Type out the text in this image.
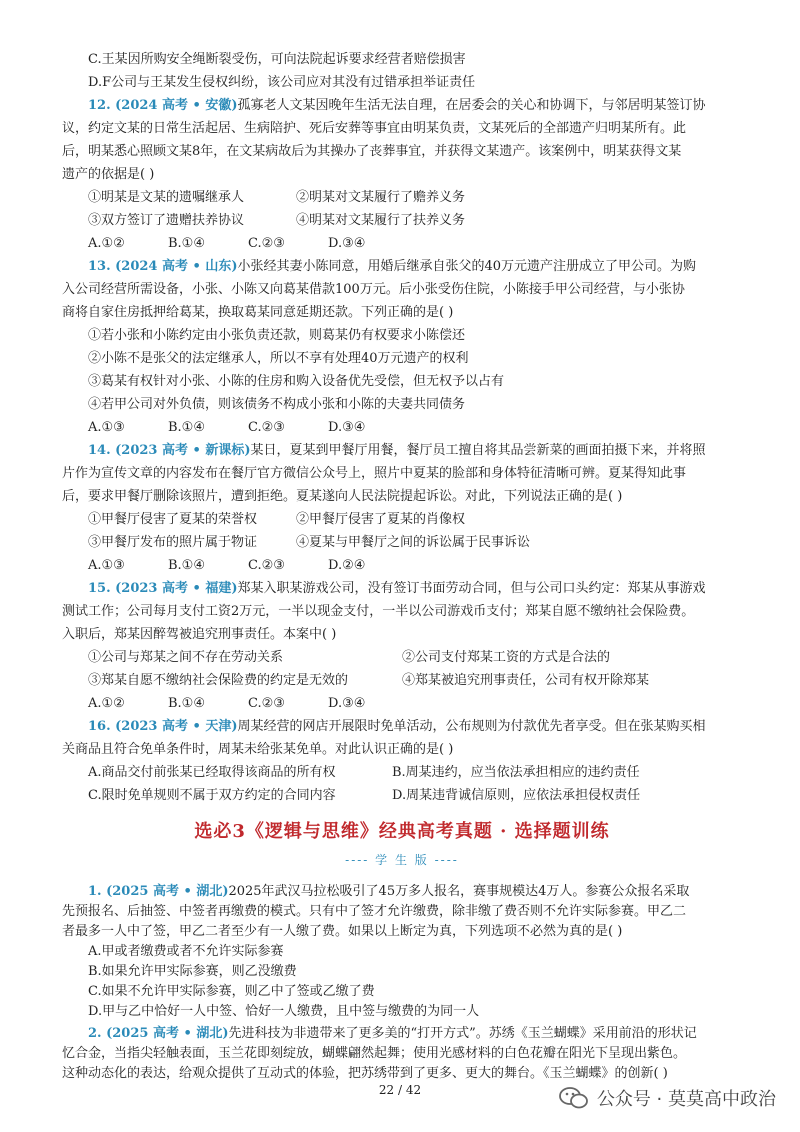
C.王某因所购安全绳断裂受伤，可向法院起诉要求经营者赔偿损害

D.F公司与王某发生侵权纠纷，该公司应对其没有过错承担举证责任

12. (2024 高考 • 安徽)孤寡老人文某因晚年生活无法自理，在居委会的关心和协调下，与邻居明某签订协

议，约定文某的日常生活起居、生病陪护、死后安葬等事宜由明某负责，文某死后的全部遗产归明某所有。此

后，明某悉心照顾文某8年，在文某病故后为其操办了丧葬事宜，并获得文某遗产。该案例中，明某获得文某

遗产的依据是( )

①明某是文某的遗嘱继承人	②明某对文某履行了赡养义务

③双方签订了遗赠扶养协议	④明某对文某履行了扶养义务

A.①②	B.①④	C.②③	D.③④

13. (2024 高考 • 山东)小张经其妻小陈同意，用婚后继承自张父的40万元遗产注册成立了甲公司。为购

入公司经营所需设备，小张、小陈又向葛某借款100万元。后小张受伤住院，小陈接手甲公司经营，与小张协

商将自家住房抵押给葛某，换取葛某同意延期还款。下列正确的是( )

①若小张和小陈约定由小张负责还款，则葛某仍有权要求小陈偿还

②小陈不是张父的法定继承人，所以不享有处理40万元遗产的权利

③葛某有权针对小张、小陈的住房和购入设备优先受偿，但无权予以占有

④若甲公司对外负债，则该债务不构成小张和小陈的夫妻共同债务

A.①③	B.①④	C.②③	D.③④

14. (2023 高考 • 新课标)某日，夏某到甲餐厅用餐，餐厅员工擅自将其品尝新菜的画面拍摄下来，并将照

片作为宣传文章的内容发布在餐厅官方微信公众号上，照片中夏某的脸部和身体特征清晰可辨。夏某得知此事

后，要求甲餐厅删除该照片，遭到拒绝。夏某遂向人民法院提起诉讼。对此，下列说法正确的是( )

①甲餐厅侵害了夏某的荣誉权	②甲餐厅侵害了夏某的肖像权

③甲餐厅发布的照片属于物证	④夏某与甲餐厅之间的诉讼属于民事诉讼

A.①③	B.①④	C.②③	D.②④

15. (2023 高考 • 福建)郑某入职某游戏公司，没有签订书面劳动合同，但与公司口头约定：郑某从事游戏

测试工作；公司每月支付工资2万元，一半以现金支付，一半以公司游戏币支付；郑某自愿不缴纳社会保险费。

入职后，郑某因醉驾被追究刑事责任。本案中( )

①公司与郑某之间不存在劳动关系	②公司支付郑某工资的方式是合法的

③郑某自愿不缴纳社会保险费的约定是无效的	④郑某被追究刑事责任，公司有权开除郑某

A.①②	B.①④	C.②③	D.③④

16. (2023 高考 • 天津)周某经营的网店开展限时免单活动，公布规则为付款优先者享受。但在张某购买相

关商品且符合免单条件时，周某未给张某免单。对此认识正确的是( )

A.商品交付前张某已经取得该商品的所有权	B.周某违约，应当依法承担相应的违约责任

C.限时免单规则不属于双方约定的合同内容	D.周某违背诚信原则，应依法承担侵权责任

选必3《逻辑与思维》经典高考真题 · 选择题训练

---- 学 生 版 ----

1. (2025 高考 • 湖北)2025年武汉马拉松吸引了45万多人报名，赛事规模达4万人。参赛公众报名采取

先预报名、后抽签、中签者再缴费的模式。只有中了签才允许缴费，除非缴了费否则不允许实际参赛。甲乙二

者最多一人中了签，甲乙二者至少有一人缴了费。如果以上断定为真，下列选项不必然为真的是( )

A.甲或者缴费或者不允许实际参赛

B.如果允许甲实际参赛，则乙没缴费

C.如果不允许甲实际参赛，则乙中了签或乙缴了费

D.甲与乙中恰好一人中签、恰好一人缴费，且中签与缴费的为同一人

2. (2025 高考 • 湖北)先进科技为非遗带来了更多美的“打开方式”。苏绣《玉兰蝴蝶》采用前沿的形状记

忆合金，当指尖轻触表面，玉兰花即刻绽放，蝴蝶翩然起舞；使用光感材料的白色花瓣在阳光下呈现出紫色。

这种动态化的表达，给观众提供了互动式的体验，把苏绣带到了更多、更大的舞台。《玉兰蝴蝶》的创新( )

22 / 42	公众号 · 莫莫高中政治
